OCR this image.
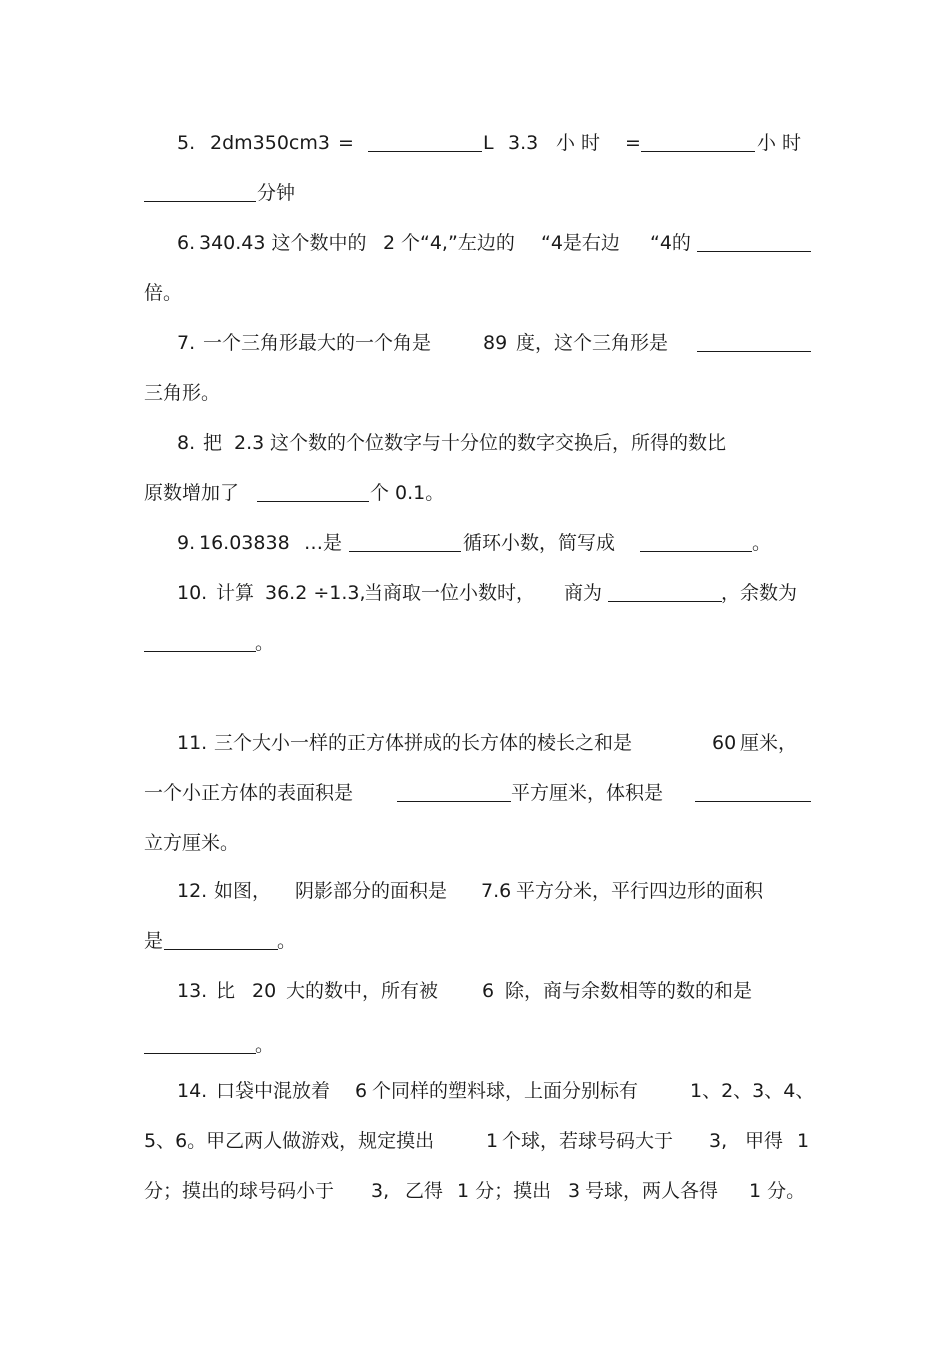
5. 2dm350cm3 =	L 3.3 小 时 =	小 时
分钟
6. 340.43 这个数中的 2 个“4,”左边的 “4是右边 “4的
倍。
7. 一个三角形最大的一个角是	89 度，这个三角形是
三角形。
8. 把 2.3 这个数的个位数字与十分位的数字交换后，所得的数比
原数增加了	个 0.1。
9. 16.03838 …是	循环小数，简写成	。
10. 计算 36.2 ÷1.3,
当商取一位小数时， 商为	，余数为
。
11. 三个大小一样的正方体拼成的长方体的棱长之和是	60 厘米，
一个小正方体的表面积是	平方厘米，体积是
立方厘米。
12. 如图， 阴影部分的面积是 7.6 平方分米，平行四边形的面积
是	。
13. 比 20 大的数中，所有被 6 除，商与余数相等的数的和是
。
14. 口袋中混放着 6 个同样的塑料球，上面分别标有	1、2、3、4、
5、6。甲乙两人做游戏，规定摸出	1 个球，若球号码大于 3, 甲得 1
分；摸出的球号码小于 3, 乙得 1 分；摸出 3 号球，两人各得 1 分。
